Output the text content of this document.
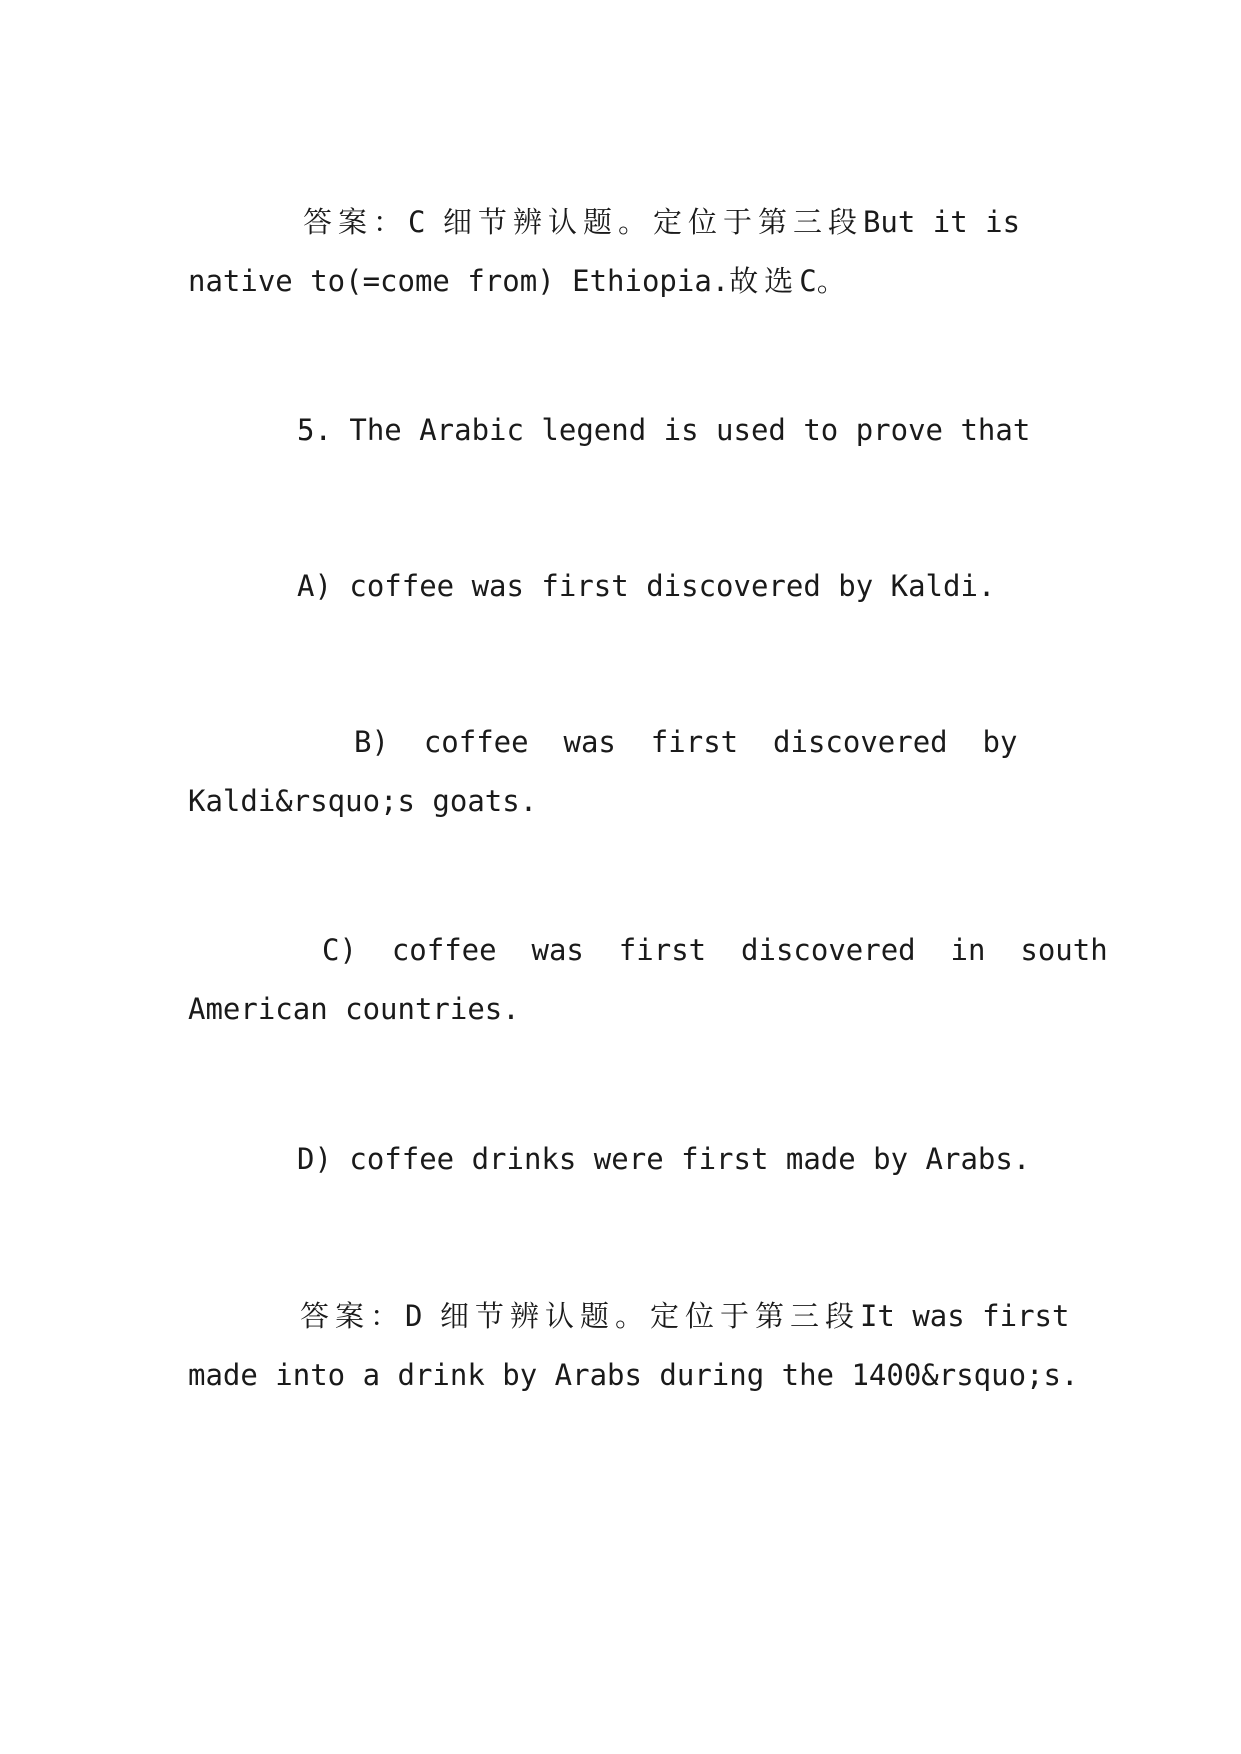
答案：C 细节辨认题。定位于第三段But it is
native to(=come from) Ethiopia.故选C。
5. The Arabic legend is used to prove that
A) coffee was first discovered by Kaldi.
B)  coffee  was  first  discovered  by
Kaldi&rsquo;s goats.
C)  coffee  was  first  discovered  in  south
American countries.
D) coffee drinks were first made by Arabs.
答案：D 细节辨认题。定位于第三段It was first
made into a drink by Arabs during the 1400&rsquo;s.
